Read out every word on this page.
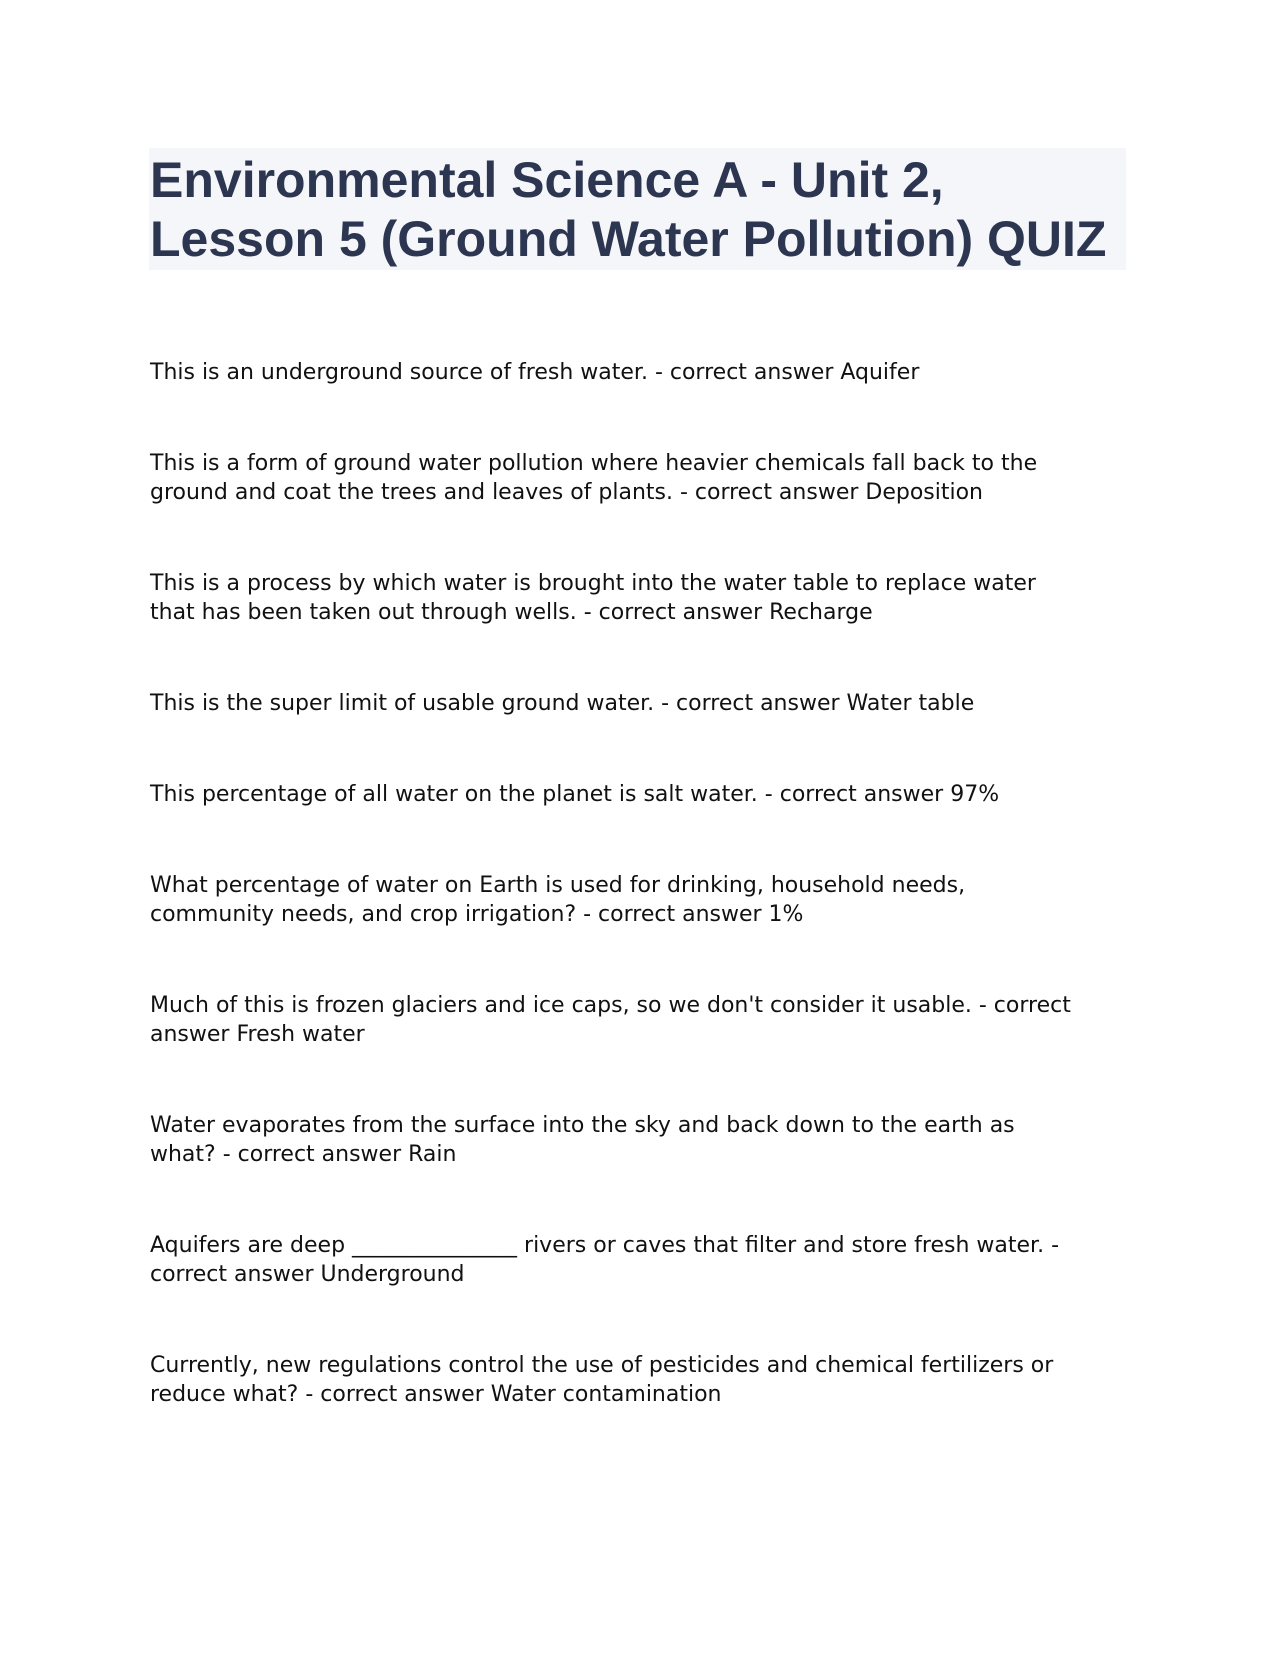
Environmental Science A - Unit 2,
Lesson 5 (Ground Water Pollution) QUIZ

This is an underground source of fresh water. - correct answer Aquifer

This is a form of ground water pollution where heavier chemicals fall back to the
ground and coat the trees and leaves of plants. - correct answer Deposition

This is a process by which water is brought into the water table to replace water
that has been taken out through wells. - correct answer Recharge

This is the super limit of usable ground water. - correct answer Water table

This percentage of all water on the planet is salt water. - correct answer 97%

What percentage of water on Earth is used for drinking, household needs,
community needs, and crop irrigation? - correct answer 1%

Much of this is frozen glaciers and ice caps, so we don't consider it usable. - correct
answer Fresh water

Water evaporates from the surface into the sky and back down to the earth as
what? - correct answer Rain

Aquifers are deep _______________ rivers or caves that filter and store fresh water. -
correct answer Underground

Currently, new regulations control the use of pesticides and chemical fertilizers or
reduce what? - correct answer Water contamination
